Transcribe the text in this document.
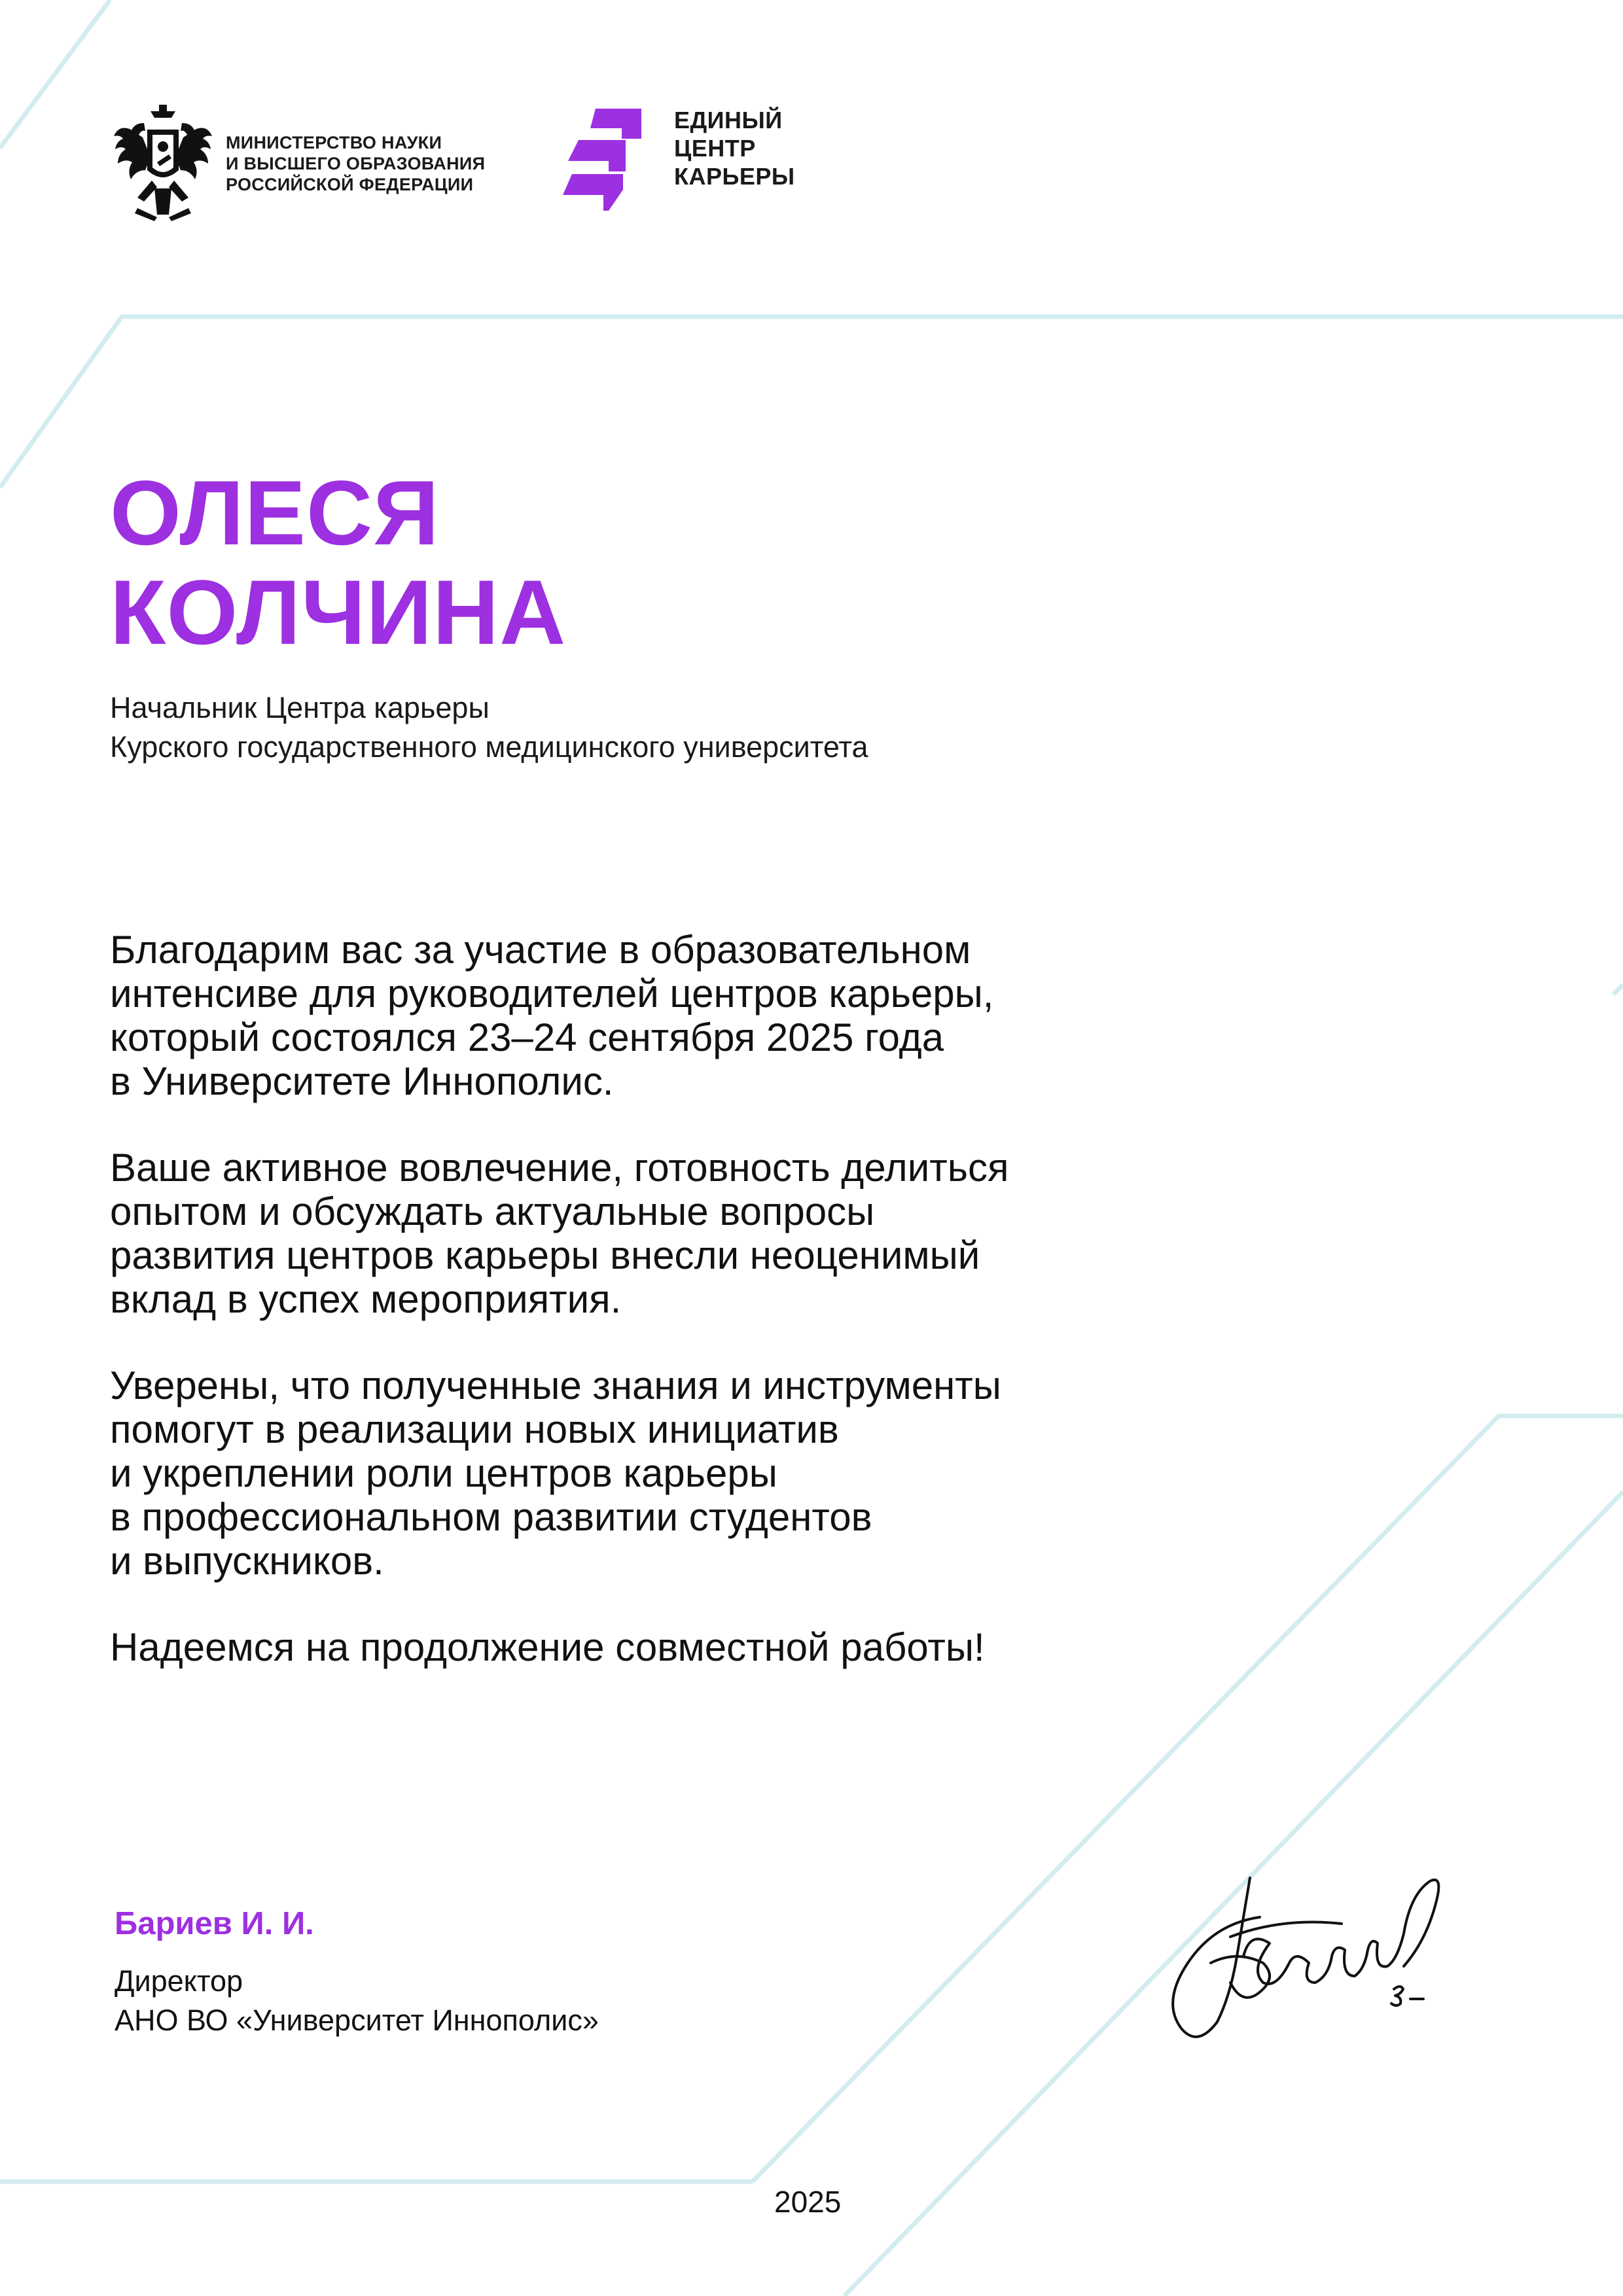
МИНИСТЕРСТВО НАУКИ
И ВЫСШЕГО ОБРАЗОВАНИЯ
РОССИЙСКОЙ ФЕДЕРАЦИИ
ЕДИНЫЙ
ЦЕНТР
КАРЬЕРЫ
ОЛЕСЯ
КОЛЧИНА
Начальник Центра карьеры
Курского государственного медицинского университета
Благодарим вас за участие в образовательном
интенсиве для руководителей центров карьеры,
который состоялся 23–24 сентября 2025 года
в Университете Иннополис.
Ваше активное вовлечение, готовность делиться
опытом и обсуждать актуальные вопросы
развития центров карьеры внесли неоценимый
вклад в успех мероприятия.
Уверены, что полученные знания и инструменты
помогут в реализации новых инициатив
и укреплении роли центров карьеры
в профессиональном развитии студентов
и выпускников.
Надеемся на продолжение совместной работы!
Бариев И. И.
Директор
АНО ВО «Университет Иннополис»
2025
